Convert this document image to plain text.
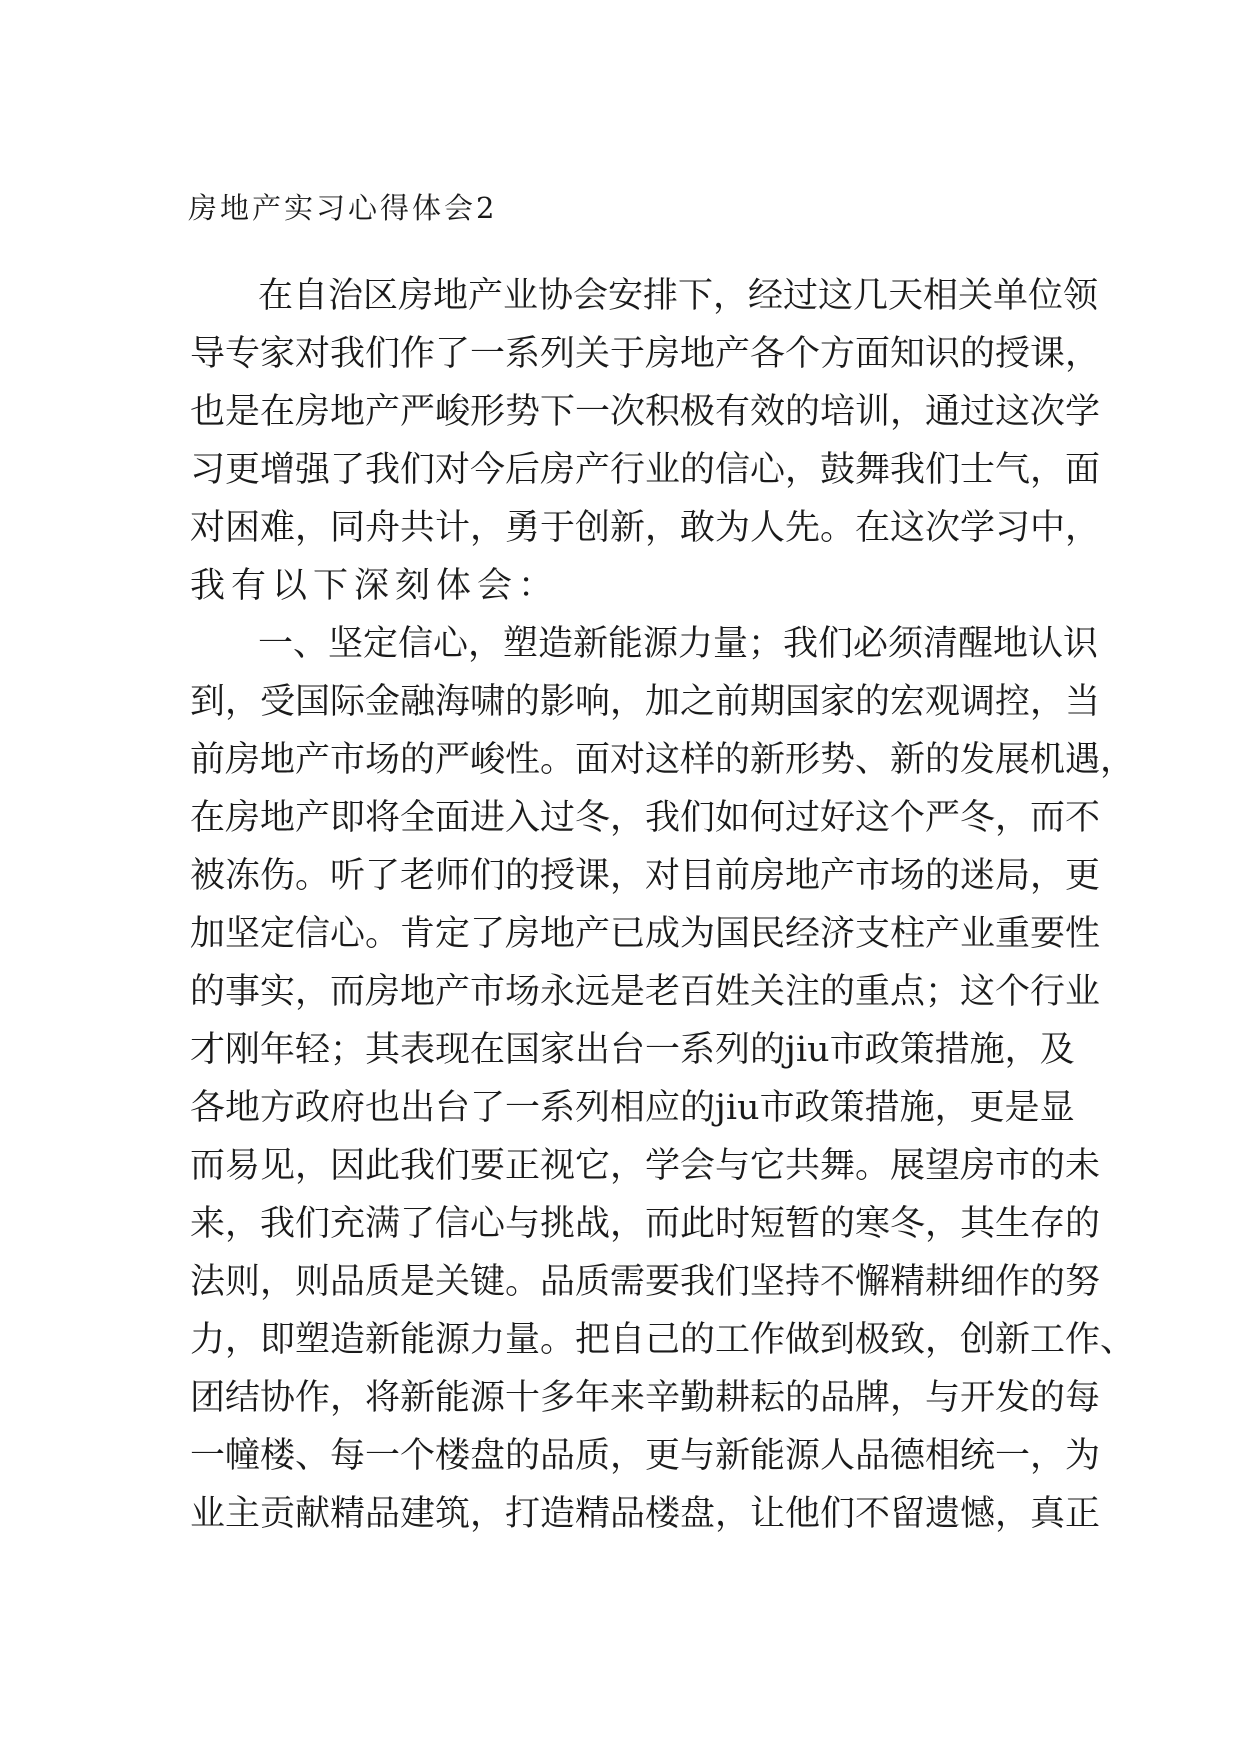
房地产实习心得体会2
在自治区房地产业协会安排下，经过这几天相关单位领
导专家对我们作了一系列关于房地产各个方面知识的授课，
也是在房地产严峻形势下一次积极有效的培训，通过这次学
习更增强了我们对今后房产行业的信心，鼓舞我们士气，面
对困难，同舟共计，勇于创新，敢为人先。在这次学习中，
我有以下深刻体会：
一、坚定信心，塑造新能源力量；我们必须清醒地认识
到，受国际金融海啸的影响，加之前期国家的宏观调控，当
前房地产市场的严峻性。面对这样的新形势、新的发展机遇，
在房地产即将全面进入过冬，我们如何过好这个严冬，而不
被冻伤。听了老师们的授课，对目前房地产市场的迷局，更
加坚定信心。肯定了房地产已成为国民经济支柱产业重要性
的事实，而房地产市场永远是老百姓关注的重点；这个行业
才刚年轻；其表现在国家出台一系列的jiu市政策措施，及
各地方政府也出台了一系列相应的jiu市政策措施，更是显
而易见，因此我们要正视它，学会与它共舞。展望房市的未
来，我们充满了信心与挑战，而此时短暂的寒冬，其生存的
法则，则品质是关键。品质需要我们坚持不懈精耕细作的努
力，即塑造新能源力量。把自己的工作做到极致，创新工作、
团结协作，将新能源十多年来辛勤耕耘的品牌，与开发的每
一幢楼、每一个楼盘的品质，更与新能源人品德相统一，为
业主贡献精品建筑，打造精品楼盘，让他们不留遗憾，真正
